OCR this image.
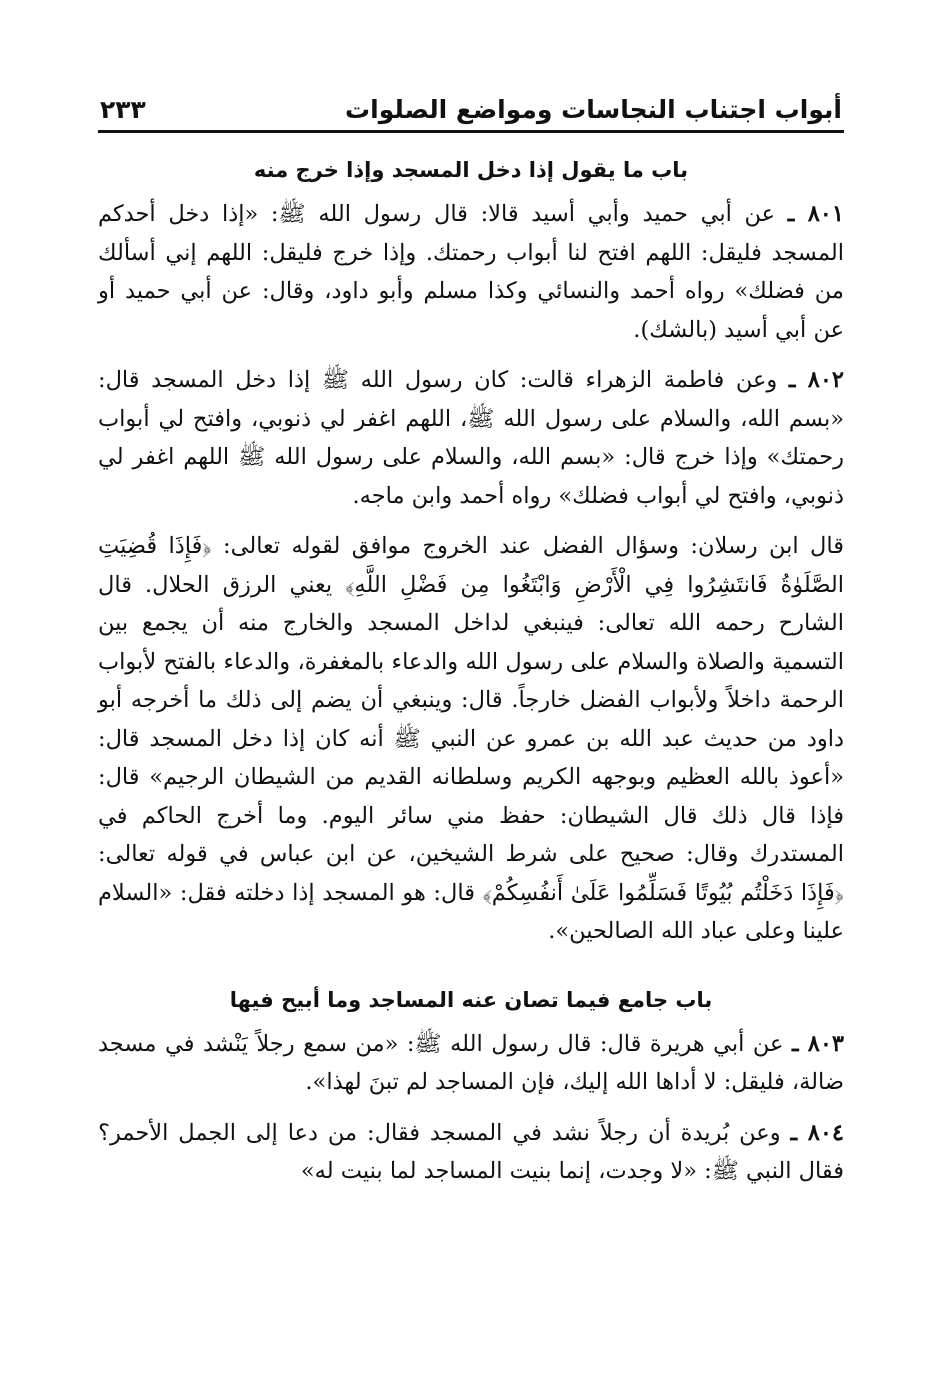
أبواب اجتناب النجاسات ومواضع الصلوات
٢٣٣
باب ما يقول إذا دخل المسجد وإذا خرج منه

٨٠١ ـ عن أبي حميد وأبي أسيد قالا: قال رسول الله ﷺ: «إذا دخل أحدكم المسجد فليقل: اللهم افتح لنا أبواب رحمتك. وإذا خرج فليقل: اللهم إني أسألك من فضلك» رواه أحمد والنسائي وكذا مسلم وأبو داود، وقال: عن أبي حميد أو عن أبي أسيد (بالشك).

٨٠٢ ـ وعن فاطمة الزهراء قالت: كان رسول الله ﷺ إذا دخل المسجد قال: «بسم الله، والسلام على رسول الله ﷺ، اللهم اغفر لي ذنوبي، وافتح لي أبواب رحمتك» وإذا خرج قال: «بسم الله، والسلام على رسول الله ﷺ اللهم اغفر لي ذنوبي، وافتح لي أبواب فضلك» رواه أحمد وابن ماجه.

قال ابن رسلان: وسؤال الفضل عند الخروج موافق لقوله تعالى: ﴿فَإِذَا قُضِيَتِ الصَّلَوٰةُ فَانتَشِرُوا فِي الْأَرْضِ وَابْتَغُوا مِن فَضْلِ اللَّهِ﴾ يعني الرزق الحلال. قال الشارح رحمه الله تعالى: فينبغي لداخل المسجد والخارج منه أن يجمع بين التسمية والصلاة والسلام على رسول الله والدعاء بالمغفرة، والدعاء بالفتح لأبواب الرحمة داخلاً ولأبواب الفضل خارجاً. قال: وينبغي أن يضم إلى ذلك ما أخرجه أبو داود من حديث عبد الله بن عمرو عن النبي ﷺ أنه كان إذا دخل المسجد قال: «أعوذ بالله العظيم وبوجهه الكريم وسلطانه القديم من الشيطان الرجيم» قال: فإذا قال ذلك قال الشيطان: حفظ مني سائر اليوم. وما أخرج الحاكم في المستدرك وقال: صحيح على شرط الشيخين، عن ابن عباس في قوله تعالى: ﴿فَإِذَا دَخَلْتُم بُيُوتًا فَسَلِّمُوا عَلَىٰ أَنفُسِكُمْ﴾ قال: هو المسجد إذا دخلته فقل: «السلام علينا وعلى عباد الله الصالحين».

باب جامع فيما تصان عنه المساجد وما أبيح فيها

٨٠٣ ـ عن أبي هريرة قال: قال رسول الله ﷺ: «من سمع رجلاً يَنْشد في مسجد ضالة، فليقل: لا أداها الله إليك، فإن المساجد لم تبنَ لهذا».

٨٠٤ ـ وعن بُريدة أن رجلاً نشد في المسجد فقال: من دعا إلى الجمل الأحمر؟ فقال النبي ﷺ: «لا وجدت، إنما بنيت المساجد لما بنيت له»
